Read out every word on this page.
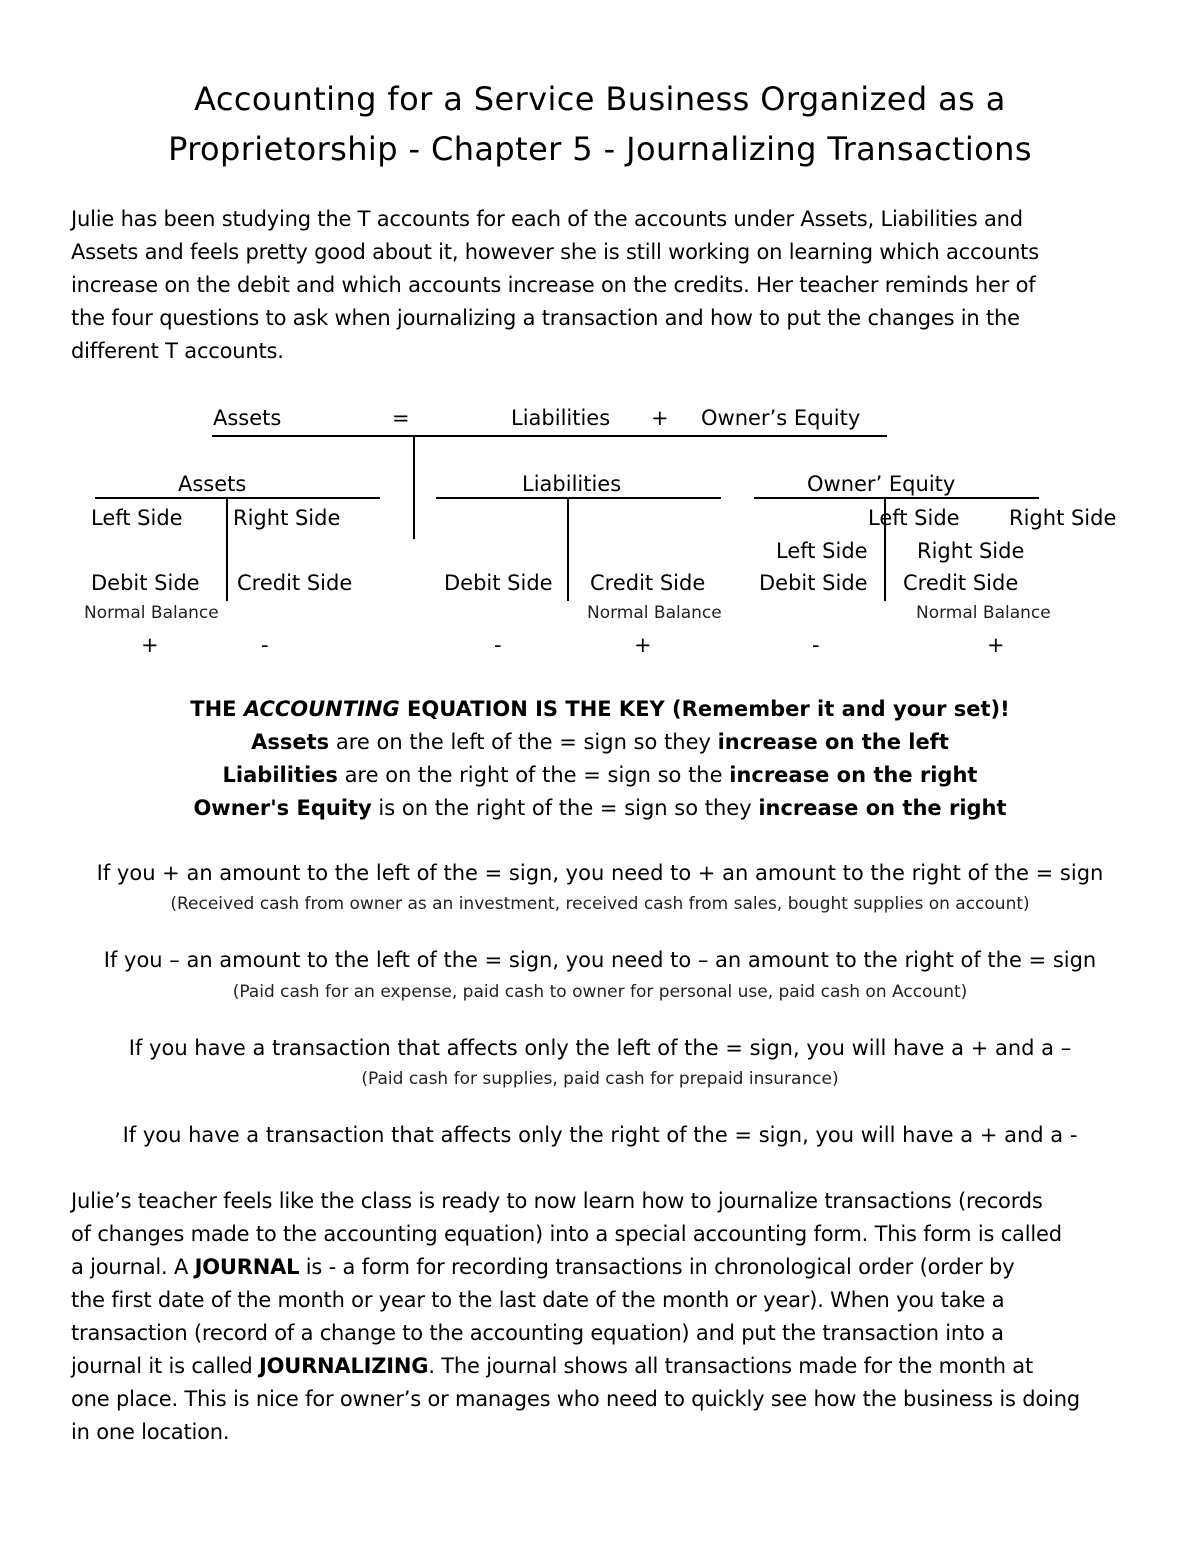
Accounting for a Service Business Organized as a
Proprietorship - Chapter 5 - Journalizing Transactions
Julie has been studying the T accounts for each of the accounts under Assets, Liabilities and
Assets and feels pretty good about it, however she is still working on learning which accounts
increase on the debit and which accounts increase on the credits. Her teacher reminds her of
the four questions to ask when journalizing a transaction and how to put the changes in the
different T accounts.
Assets	=	Liabilities + Owner’s Equity
Assets
Left Side Right Side
Debit Side Credit Side
Normal Balance
+	-
Liabilities
Debit Side Credit Side
Normal Balance
-	+
Owner’ Equity
Left Side Right Side
Left Side Right Side
Debit Side Credit Side
Normal Balance
-	+
THE ACCOUNTING EQUATION IS THE KEY (Remember it and your set)!
Assets are on the left of the = sign so they increase on the left
Liabilities are on the right of the = sign so the increase on the right
Owner's Equity is on the right of the = sign so they increase on the right
If you + an amount to the left of the = sign, you need to + an amount to the right of the = sign
(Received cash from owner as an investment, received cash from sales, bought supplies on account)
If you – an amount to the left of the = sign, you need to – an amount to the right of the = sign
(Paid cash for an expense, paid cash to owner for personal use, paid cash on Account)
If you have a transaction that affects only the left of the = sign, you will have a + and a –
(Paid cash for supplies, paid cash for prepaid insurance)
If you have a transaction that affects only the right of the = sign, you will have a + and a -
Julie’s teacher feels like the class is ready to now learn how to journalize transactions (records
of changes made to the accounting equation) into a special accounting form. This form is called
a journal. A JOURNAL is - a form for recording transactions in chronological order (order by
the first date of the month or year to the last date of the month or year). When you take a
transaction (record of a change to the accounting equation) and put the transaction into a
journal it is called JOURNALIZING. The journal shows all transactions made for the month at
one place. This is nice for owner’s or manages who need to quickly see how the business is doing
in one location.
